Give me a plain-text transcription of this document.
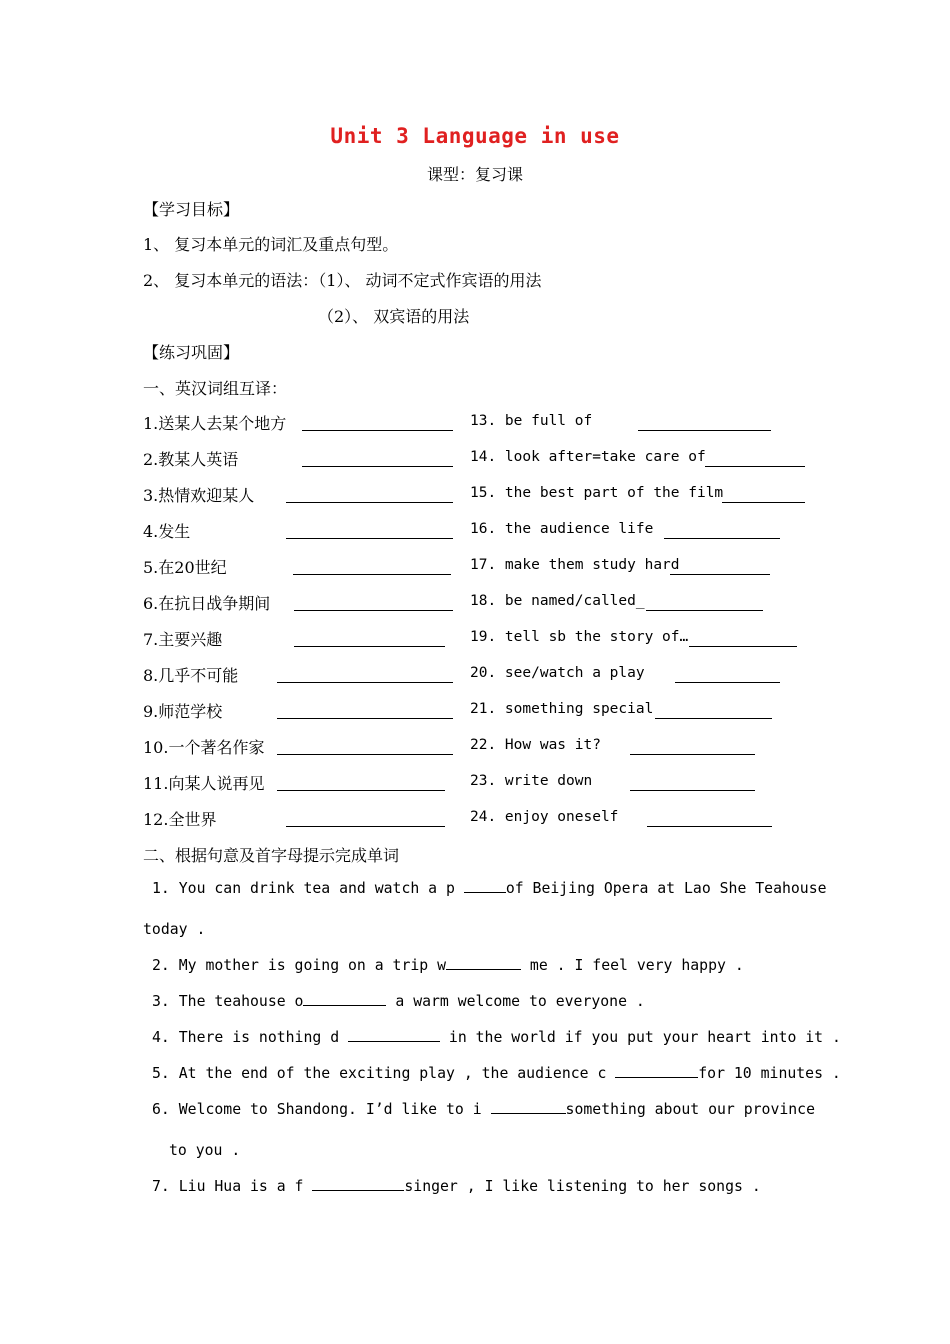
Unit 3 Language in use
课型：复习课
【学习目标】
1、 复习本单元的词汇及重点句型。
2、 复习本单元的语法：（1）、 动词不定式作宾语的用法
（2）、 双宾语的用法
【练习巩固】
一、英汉词组互译：
1.送某人去某个地方	13. be full of
2.教某人英语	14. look after=take care of
3.热情欢迎某人	15. the best part of the film
4.发生	16. the audience life
5.在20世纪	17. make them study hard
6.在抗日战争期间	18. be named/called_
7.主要兴趣	19. tell sb the story of…
8.几乎不可能	20. see/watch a play
9.师范学校	21. something special
10.一个著名作家	22. How was it?
11.向某人说再见	23. write down
12.全世界	24. enjoy oneself
二、根据句意及首字母提示完成单词
1. You can drink tea and watch a p	of Beijing Opera at Lao She Teahouse
today .
2. My mother is going on a trip w	me . I feel very happy .
3. The teahouse o	a warm welcome to everyone .
4. There is nothing d	in the world if you put your heart into it .
5. At the end of the exciting play , the audience c	for 10 minutes .
6. Welcome to Shandong. I’d like to i	something about our province
to you .
7. Liu Hua is a f	singer , I like listening to her songs .
